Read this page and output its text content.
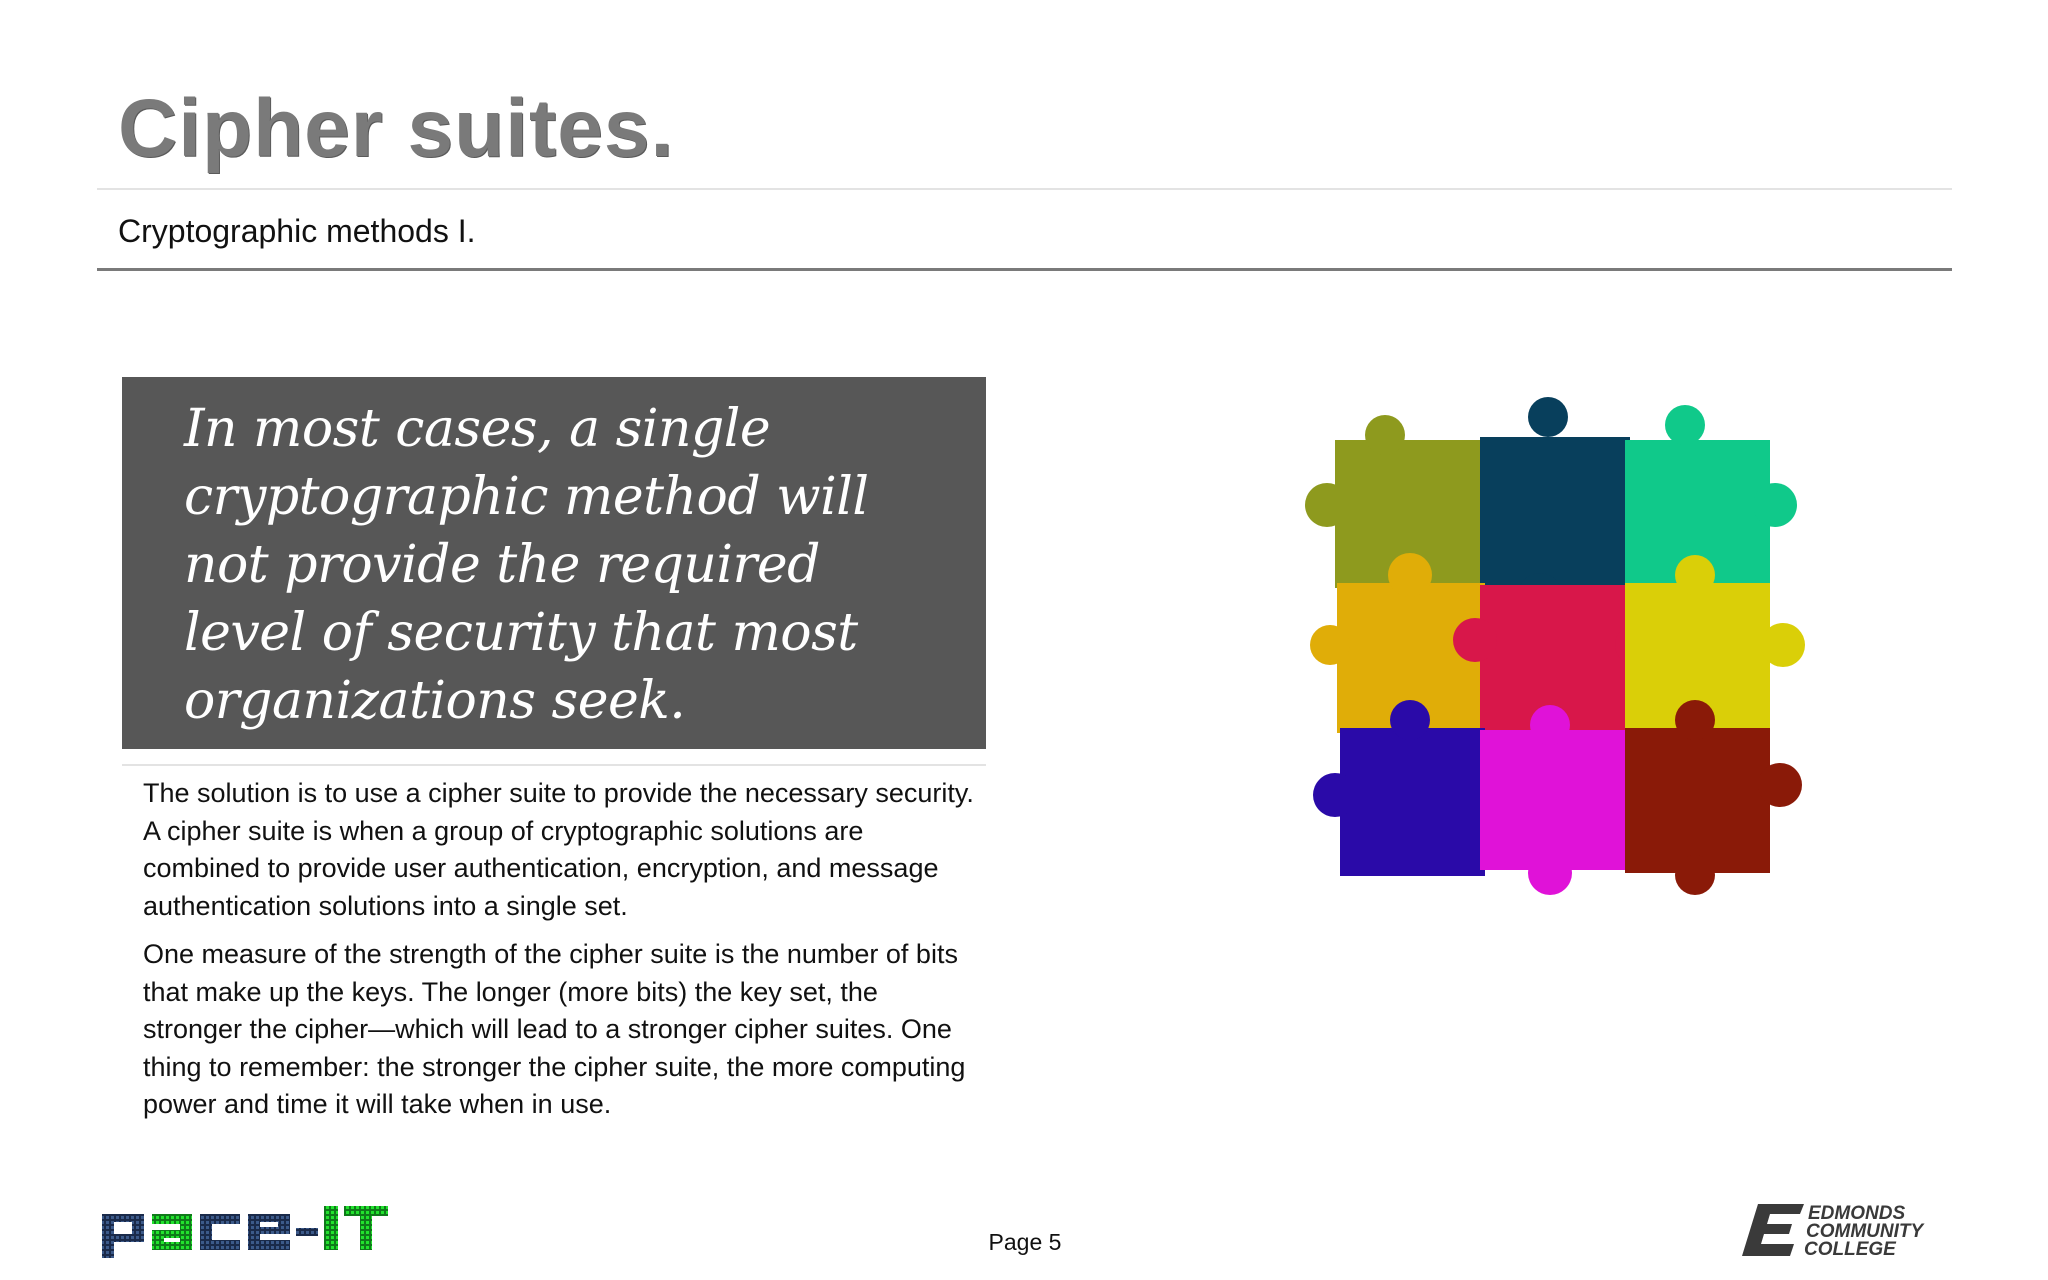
Cipher suites.
Cryptographic methods I.

In most cases, a single
cryptographic method will
not provide the required
level of security that most
organizations seek.

The solution is to use a cipher suite to provide the necessary security. A cipher suite is when a group of cryptographic solutions are combined to provide user authentication, encryption, and message authentication solutions into a single set.

One measure of the strength of the cipher suite is the number of bits that make up the keys. The longer (more bits) the key set, the stronger the cipher—which will lead to a stronger cipher suites. One thing to remember: the stronger the cipher suite, the more computing power and time it will take when in use.

Page 5
EDMONDS
COMMUNITY
COLLEGE
